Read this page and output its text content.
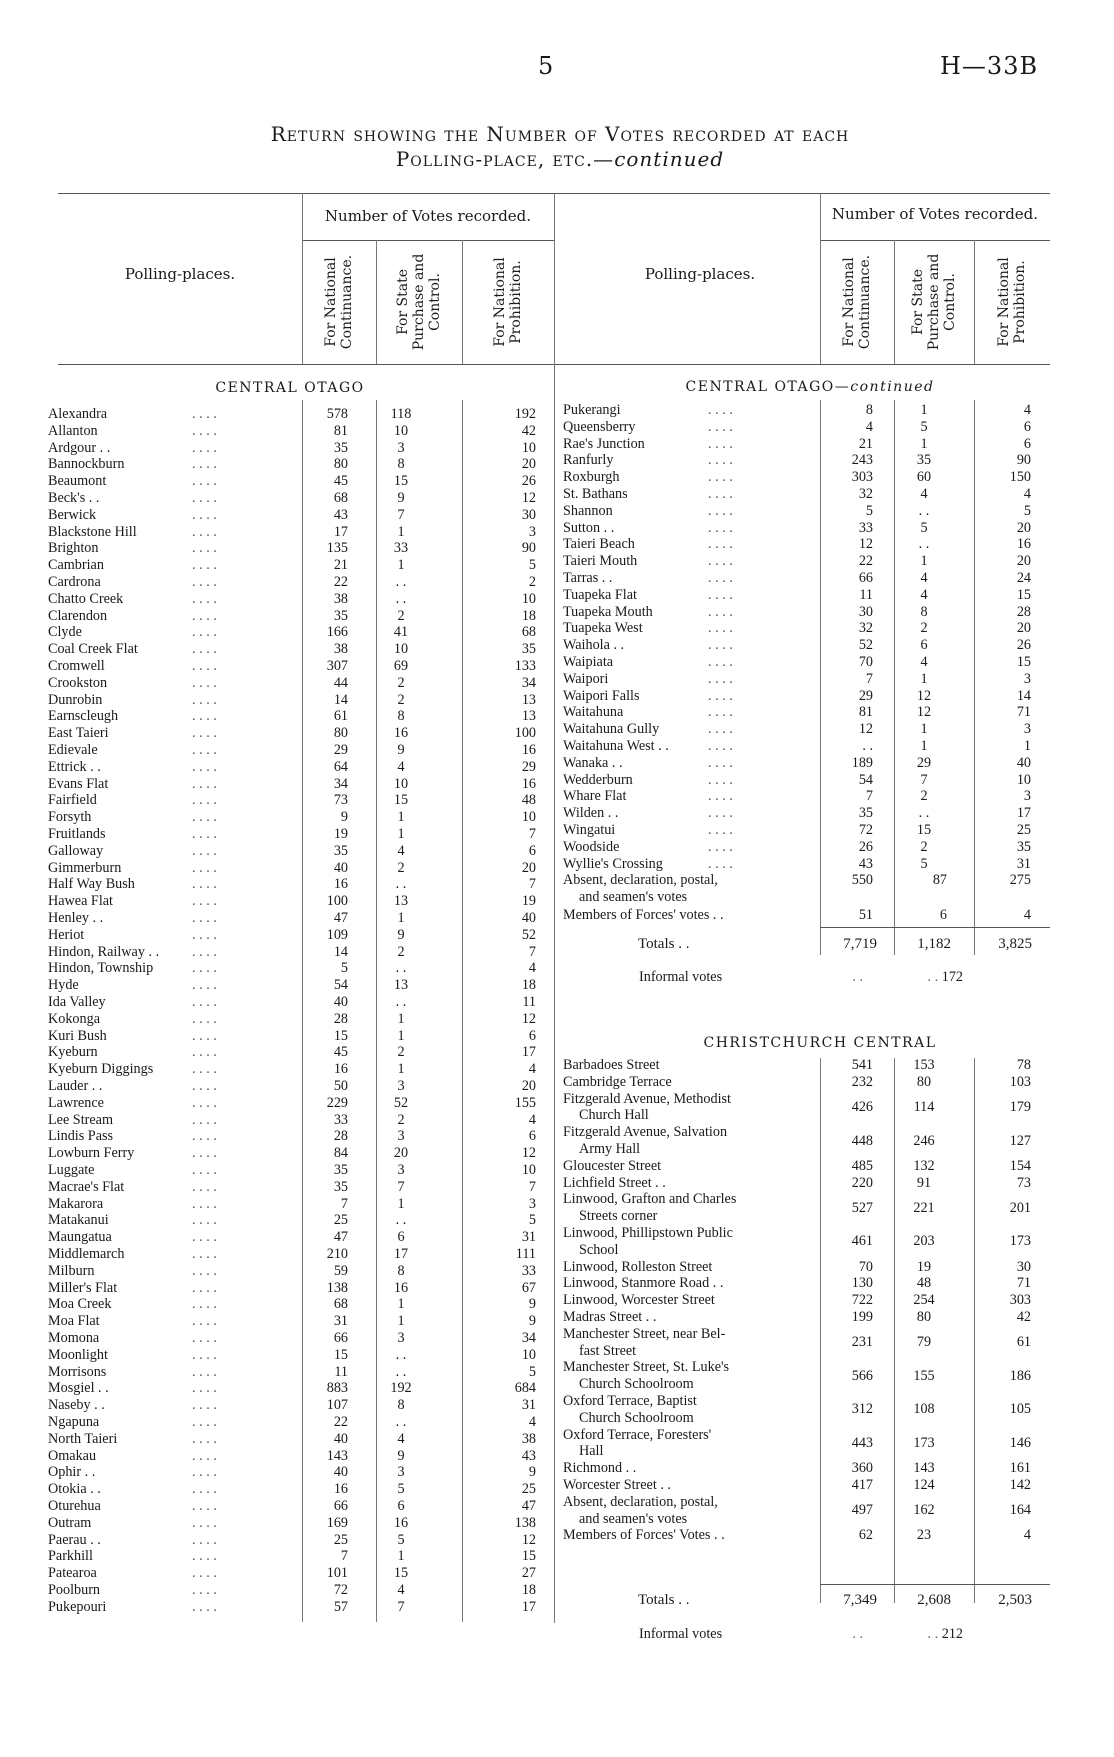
5	H—33B
Return showing the Number of Votes recorded at each
Polling-place, etc.—continued
Polling-places.	Polling-places.
Number of Votes recorded.	Number of Votes recorded.
For National Continuance.	For State Purchase and Control.	For National Prohibition.	For National Continuance.	For State Purchase and Control.	For National Prohibition.
CENTRAL OTAGO	CENTRAL OTAGO—continued
CHRISTCHURCH CENTRAL
Alexandra	. . . .	578	118	192
Allanton	. . . .	81	10	42
Ardgour . .	. . . .	35	3	10
Bannockburn	. . . .	80	8	20
Beaumont	. . . .	45	15	26
Beck's . .	. . . .	68	9	12
Berwick	. . . .	43	7	30
Blackstone Hill	. . . .	17	1	3
Brighton	. . . .	135	33	90
Cambrian	. . . .	21	1	5
Cardrona	. . . .	22	. .	2
Chatto Creek	. . . .	38	. .	10
Clarendon	. . . .	35	2	18
Clyde	. . . .	166	41	68
Coal Creek Flat	. . . .	38	10	35
Cromwell	. . . .	307	69	133
Crookston	. . . .	44	2	34
Dunrobin	. . . .	14	2	13
Earnscleugh	. . . .	61	8	13
East Taieri	. . . .	80	16	100
Edievale	. . . .	29	9	16
Ettrick . .	. . . .	64	4	29
Evans Flat	. . . .	34	10	16
Fairfield	. . . .	73	15	48
Forsyth	. . . .	9	1	10
Fruitlands	. . . .	19	1	7
Galloway	. . . .	35	4	6
Gimmerburn	. . . .	40	2	20
Half Way Bush	. . . .	16	. .	7
Hawea Flat	. . . .	100	13	19
Henley . .	. . . .	47	1	40
Heriot	. . . .	109	9	52
Hindon, Railway . . . . . .	14	2	7
Hindon, Township	. . . .	5	. .	4
Hyde	. . . .	54	13	18
Ida Valley	. . . .	40	. .	11
Kokonga	. . . .	28	1	12
Kuri Bush	. . . .	15	1	6
Kyeburn	. . . .	45	2	17
Kyeburn Diggings	. . . .	16	1	4
Lauder . .	. . . .	50	3	20
Lawrence	. . . .	229	52	155
Lee Stream	. . . .	33	2	4
Lindis Pass	. . . .	28	3	6
Lowburn Ferry	. . . .	84	20	12
Luggate	. . . .	35	3	10
Macrae's Flat	. . . .	35	7	7
Makarora	. . . .	7	1	3
Matakanui	. . . .	25	. .	5
Maungatua	. . . .	47	6	31
Middlemarch	. . . .	210	17	111
Milburn	. . . .	59	8	33
Miller's Flat	. . . .	138	16	67
Moa Creek	. . . .	68	1	9
Moa Flat	. . . .	31	1	9
Momona	. . . .	66	3	34
Moonlight	. . . .	15	. .	10
Morrisons	. . . .	11	. .	5
Mosgiel . .	. . . .	883	192	684
Naseby . .	. . . .	107	8	31
Ngapuna	. . . .	22	. .	4
North Taieri	. . . .	40	4	38
Omakau	. . . .	143	9	43
Ophir . .	. . . .	40	3	9
Otokia . .	. . . .	16	5	25
Oturehua	. . . .	66	6	47
Outram	. . . .	169	16	138
Paerau . .	. . . .	25	5	12
Parkhill	. . . .	7	1	15
Patearoa	. . . .	101	15	27
Poolburn	. . . .	72	4	18
Pukepouri	. . . .	57	7	17
Pukerangi	. . . .	8	1	4
Queensberry	. . . .	4	5	6
Rae's Junction	. . . .	21	1	6
Ranfurly	. . . .	243	35	90
Roxburgh	. . . .	303	60	150
St. Bathans	. . . .	32	4	4
Shannon	. . . .	5	. .	5
Sutton . .	. . . .	33	5	20
Taieri Beach	. . . .	12	. .	16
Taieri Mouth	. . . .	22	1	20
Tarras . .	. . . .	66	4	24
Tuapeka Flat	. . . .	11	4	15
Tuapeka Mouth	. . . .	30	8	28
Tuapeka West	. . . .	32	2	20
Waihola . .	. . . .	52	6	26
Waipiata	. . . .	70	4	15
Waipori	. . . .	7	1	3
Waipori Falls	. . . .	29	12	14
Waitahuna	. . . .	81	12	71
Waitahuna Gully	. . . .	12	1	3
Waitahuna West . .	. . . .	. .	1	1
Wanaka . .	. . . .	189	29	40
Wedderburn	. . . .	54	7	10
Whare Flat	. . . .	7	2	3
Wilden . .	. . . .	35	. .	17
Wingatui	. . . .	72	15	25
Woodside	. . . .	26	2	35
Wyllie's Crossing	. . . .	43	5	31
Absent, declaration, postal,
and seamen's votes
550	87	275
Members of Forces' votes . .	51	6	4
Totals . .	7,719	1,182	3,825
Informal votes	. .	. . 172
Barbadoes Street	541	153	78
Cambridge Terrace	232	80	103
Fitzgerald Avenue, Methodist
Church Hall
426	114	179
Fitzgerald Avenue, Salvation
Army Hall
448	246	127
Gloucester Street	485	132	154
Lichfield Street . .	220	91	73
Linwood, Grafton and Charles
Streets corner
527	221	201
Linwood, Phillipstown Public
School
461	203	173
Linwood, Rolleston Street	70	19	30
Linwood, Stanmore Road . .	130	48	71
Linwood, Worcester Street	722	254	303
Madras Street . .	199	80	42
Manchester Street, near Bel-
fast Street
231	79	61
Manchester Street, St. Luke's
Church Schoolroom
566	155	186
Oxford Terrace, Baptist
Church Schoolroom
312	108	105
Oxford Terrace, Foresters'
Hall
443	173	146
Richmond . .	360	143	161
Worcester Street . .	417	124	142
Absent, declaration, postal,
and seamen's votes
497	162	164
Members of Forces' Votes . .	62	23	4
Totals . .	7,349	2,608	2,503
Informal votes	. .	. . 212
